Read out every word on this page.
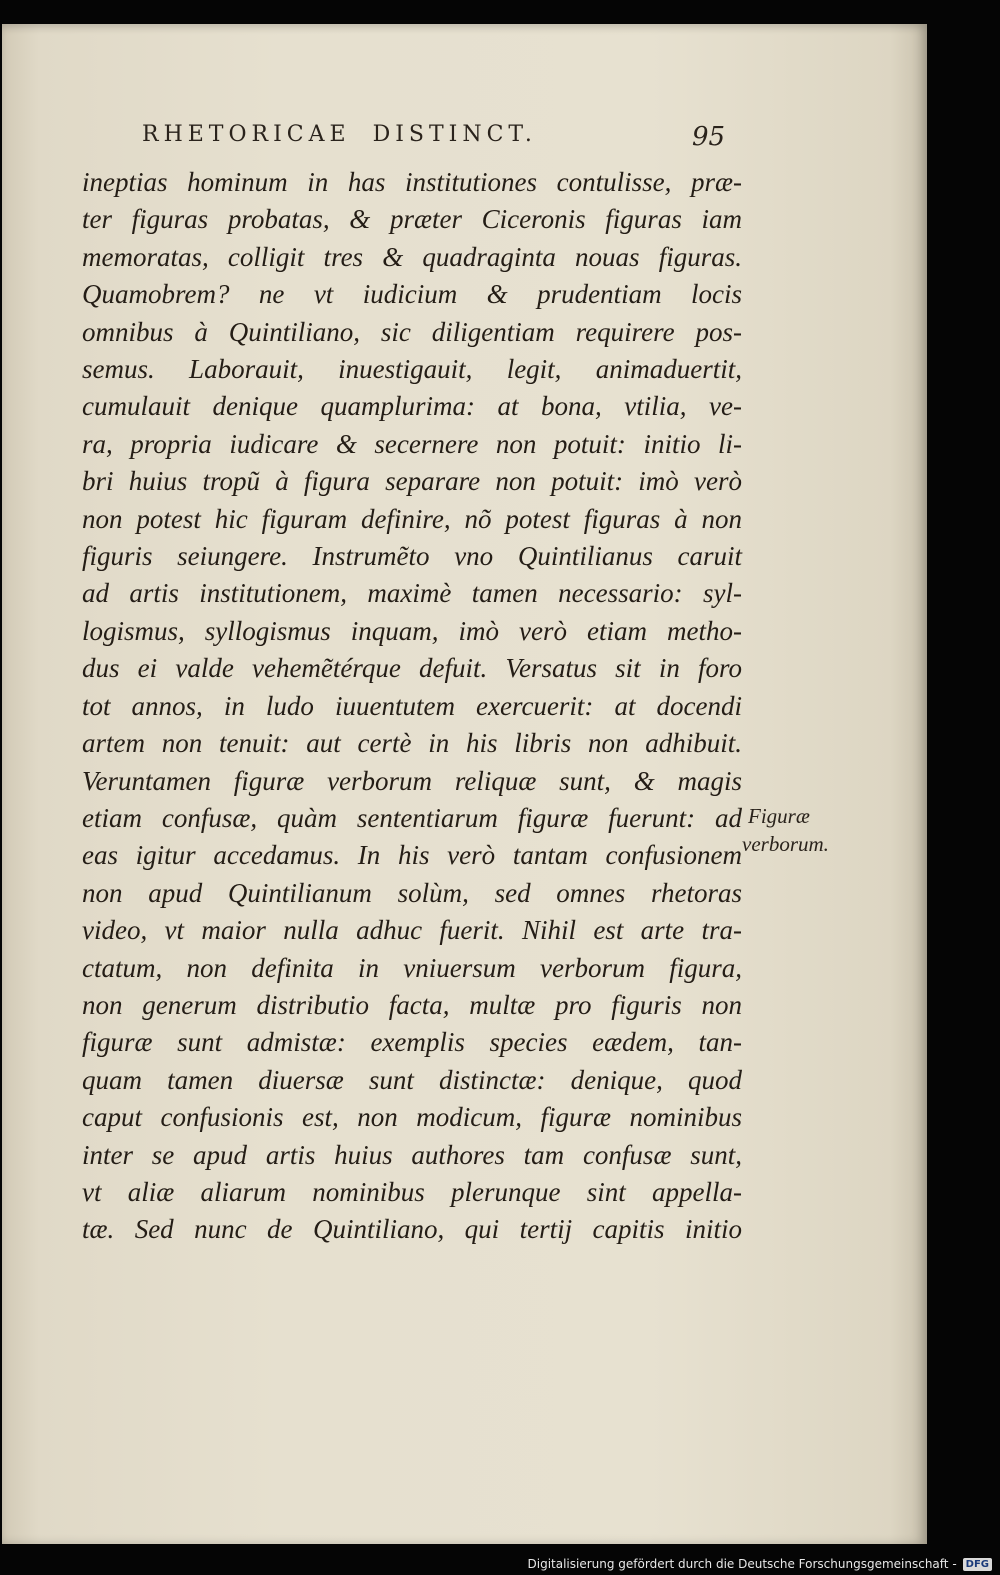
RHETORICAE DISTINCT.	95
ineptias hominum in has institutiones contulisse, præ-
ter figuras probatas, & præter Ciceronis figuras iam
memoratas, colligit tres & quadraginta nouas figuras.
Quamobrem? ne vt iudicium & prudentiam locis
omnibus à Quintiliano, sic diligentiam requirere pos-
semus. Laborauit, inuestigauit, legit, animaduertit,
cumulauit denique quamplurima: at bona, vtilia, ve-
ra, propria iudicare & secernere non potuit: initio li-
bri huius tropũ à figura separare non potuit: imò verò
non potest hic figuram definire, nõ potest figuras à non
figuris seiungere. Instrumẽto vno Quintilianus caruit
ad artis institutionem, maximè tamen necessario: syl-
logismus, syllogismus inquam, imò verò etiam metho-
dus ei valde vehemẽtérque defuit. Versatus sit in foro
tot annos, in ludo iuuentutem exercuerit: at docendi
artem non tenuit: aut certè in his libris non adhibuit.
Veruntamen figuræ verborum reliquæ sunt, & magis
etiam confusæ, quàm sententiarum figuræ fuerunt: ad
eas igitur accedamus. In his verò tantam confusionem
non apud Quintilianum solùm, sed omnes rhetoras
video, vt maior nulla adhuc fuerit. Nihil est arte tra-
ctatum, non definita in vniuersum verborum figura,
non generum distributio facta, multæ pro figuris non
figuræ sunt admistæ: exemplis species eædem, tan-
quam tamen diuersæ sunt distinctæ: denique, quod
caput confusionis est, non modicum, figuræ nominibus
inter se apud artis huius authores tam confusæ sunt,
vt aliæ aliarum nominibus plerunque sint appella-
tæ. Sed nunc de Quintiliano, qui tertij capitis initio
Figuræ
verborum.
Digitalisierung gefördert durch die Deutsche Forschungsgemeinschaft - DFG
